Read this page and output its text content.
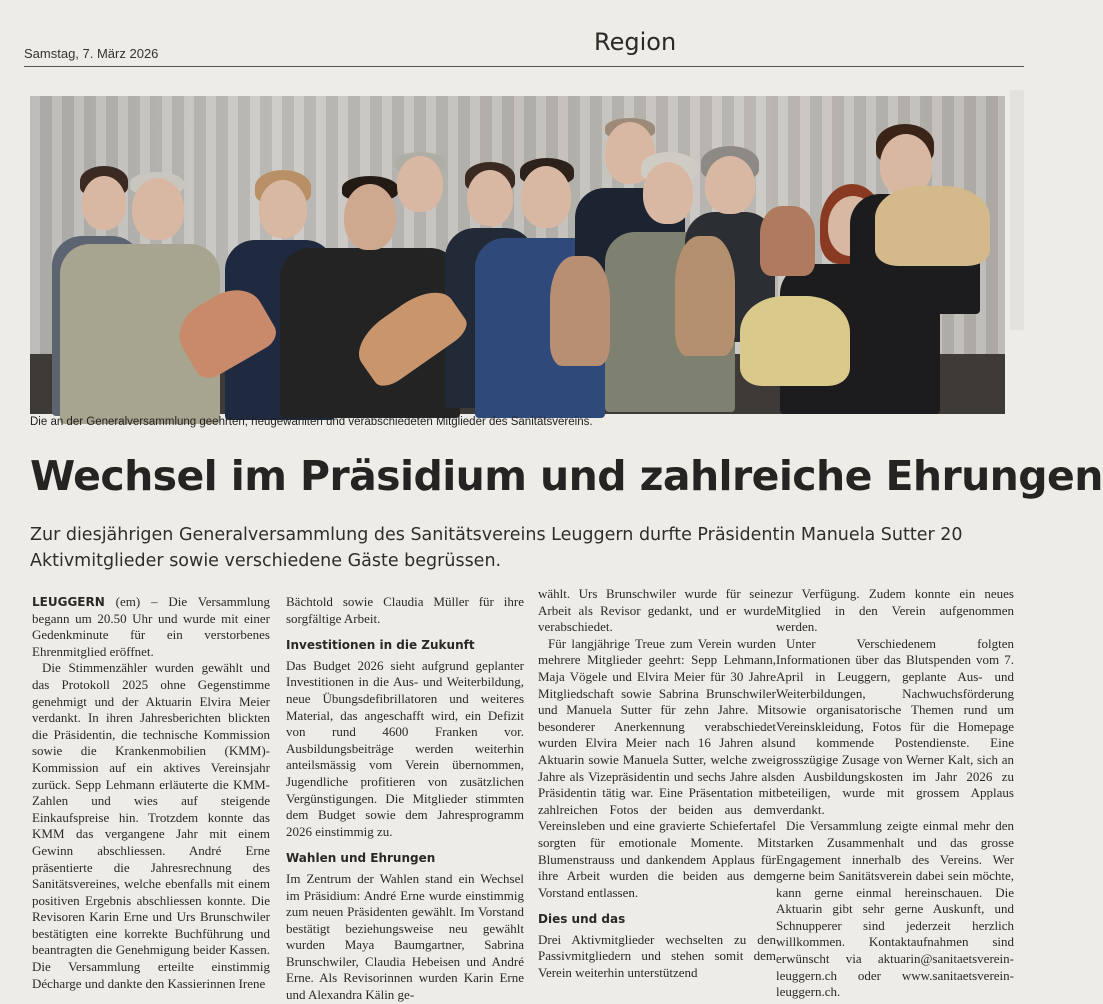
Samstag, 7. März 2026	Region
Die an der Generalversammlung geehrten, neugewählten und verabschiedeten Mitglieder des Sanitätsvereins.
Wechsel im Präsidium und zahlreiche Ehrungen

Zur diesjährigen Generalversammlung des Sanitätsvereins Leuggern durfte Präsidentin Manuela Sutter 20 Aktivmitglieder sowie verschiedene Gäste begrüssen.

LEUGGERN (em) – Die Versammlung begann um 20.50 Uhr und wurde mit einer Gedenkminute für ein verstorbenes Ehrenmitglied eröffnet.

Die Stimmenzähler wurden gewählt und das Protokoll 2025 ohne Gegenstimme genehmigt und der Aktuarin Elvira Meier verdankt. In ihren Jahresberichten blickten die Präsidentin, die technische Kommission sowie die Krankenmobilien (KMM)- Kommission auf ein aktives Vereinsjahr zurück. Sepp Lehmann erläuterte die KMM-Zahlen und wies auf steigende Einkaufspreise hin. Trotzdem konnte das KMM das vergangene Jahr mit einem Gewinn abschliessen. André Erne präsentierte die Jahresrechnung des Sanitätsvereines, welche ebenfalls mit einem positiven Ergebnis abschliessen konnte. Die Revisoren Karin Erne und Urs Brunschwiler bestätigten eine korrekte Buchführung und beantragten die Genehmigung beider Kassen. Die Versammlung erteilte einstimmig Décharge und dankte den Kassierinnen Irene

Bächtold sowie Claudia Müller für ihre sorgfältige Arbeit.

Investitionen in die Zukunft

Das Budget 2026 sieht aufgrund geplanter Investitionen in die Aus- und Weiterbildung, neue Übungsdefibrillatoren und weiteres Material, das angeschafft wird, ein Defizit von rund 4600 Franken vor. Ausbildungsbeiträge werden weiterhin anteilsmässig vom Verein übernommen, Jugendliche profitieren von zusätzlichen Vergünstigungen. Die Mitglieder stimmten dem Budget sowie dem Jahresprogramm 2026 einstimmig zu.

Wahlen und Ehrungen

Im Zentrum der Wahlen stand ein Wechsel im Präsidium: André Erne wurde einstimmig zum neuen Präsidenten gewählt. Im Vorstand bestätigt beziehungsweise neu gewählt wurden Maya Baumgartner, Sabrina Brunschwiler, Claudia Hebeisen und André Erne. Als Revisorinnen wurden Karin Erne und Alexandra Kälin ge-

wählt. Urs Brunschwiler wurde für seine Arbeit als Revisor gedankt, und er wurde verabschiedet.

Für langjährige Treue zum Verein wurden mehrere Mitglieder geehrt: Sepp Lehmann, Maja Vögele und Elvira Meier für 30 Jahre Mitgliedschaft sowie Sabrina Brunschwiler und Manuela Sutter für zehn Jahre. Mit besonderer Anerkennung verabschiedet wurden Elvira Meier nach 16 Jahren als Aktuarin sowie Manuela Sutter, welche zwei Jahre als Vizepräsidentin und sechs Jahre als Präsidentin tätig war. Eine Präsentation mit zahlreichen Fotos der beiden aus dem Vereinsleben und eine gravierte Schiefertafel sorgten für emotionale Momente. Mit Blumenstrauss und dankendem Applaus für ihre Arbeit wurden die beiden aus dem Vorstand entlassen.

Dies und das

Drei Aktivmitglieder wechselten zu den Passivmitgliedern und stehen somit dem Verein weiterhin unterstützend

zur Verfügung. Zudem konnte ein neues Mitglied in den Verein aufgenommen werden.

Unter Verschiedenem folgten Informationen über das Blutspenden vom 7. April in Leuggern, geplante Aus- und Weiterbildungen, Nachwuchsförderung sowie organisatorische Themen rund um Vereinskleidung, Fotos für die Homepage und kommende Postendienste. Eine grosszügige Zusage von Werner Kalt, sich an den Ausbildungskosten im Jahr 2026 zu beteiligen, wurde mit grossem Applaus verdankt.

Die Versammlung zeigte einmal mehr den starken Zusammenhalt und das grosse Engagement innerhalb des Vereins. Wer gerne beim Sanitätsverein dabei sein möchte, kann gerne einmal hereinschauen. Die Aktuarin gibt sehr gerne Auskunft, und Schnupperer sind jederzeit herzlich willkommen. Kontaktaufnahmen sind erwünscht via aktuarin@sanitaetsverein-leuggern.ch oder www.sanitaetsverein-leuggern.ch.
